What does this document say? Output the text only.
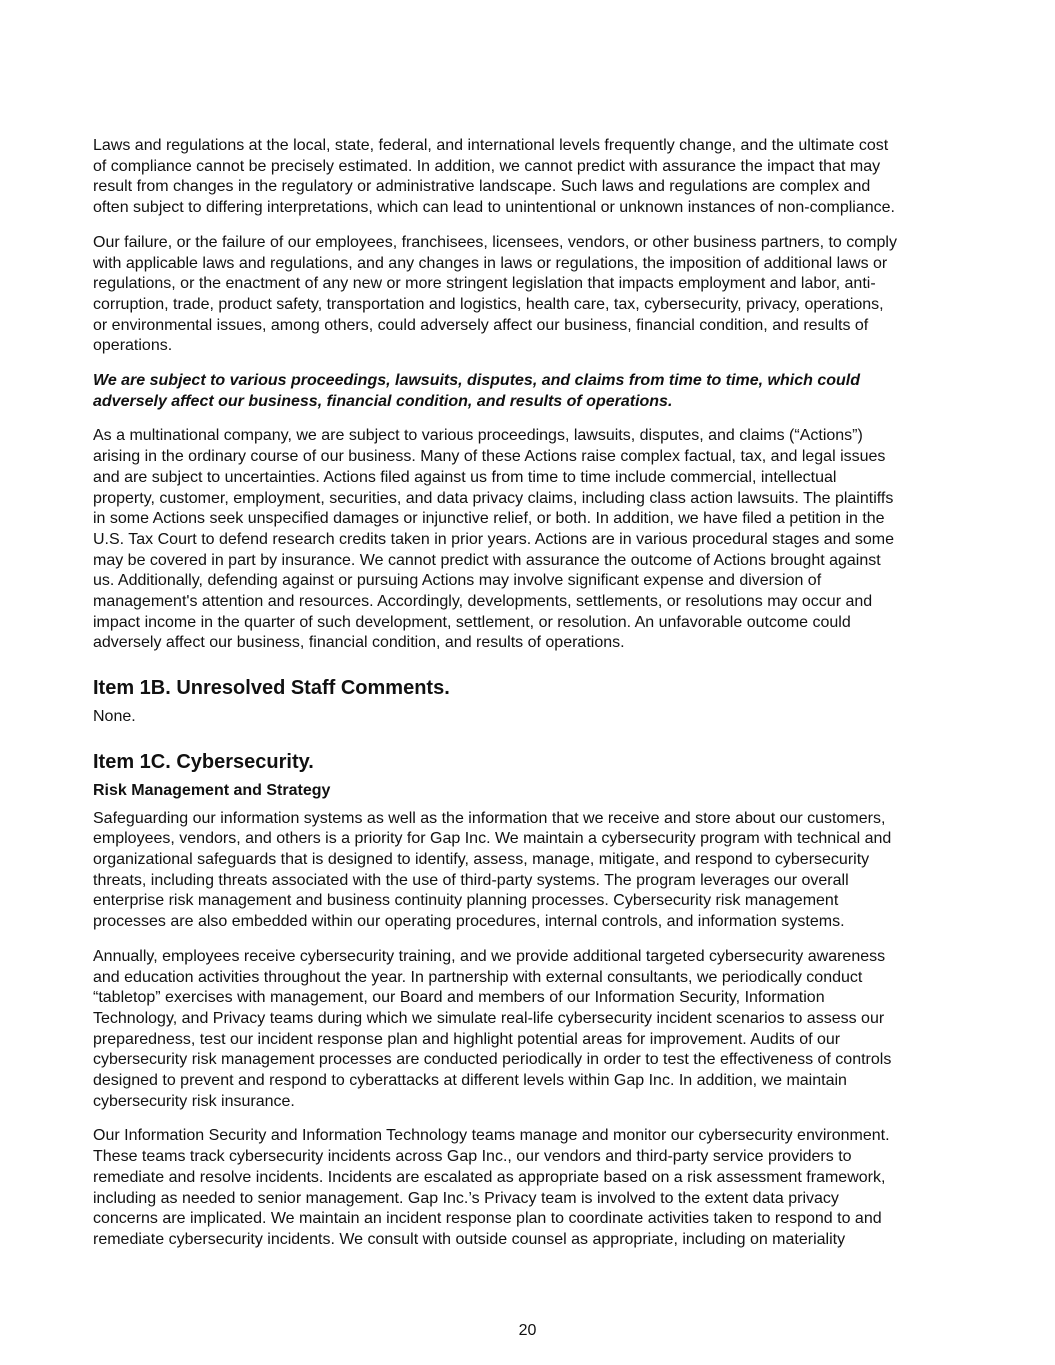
Laws and regulations at the local, state, federal, and international levels frequently change, and the ultimate cost
of compliance cannot be precisely estimated. In addition, we cannot predict with assurance the impact that may
result from changes in the regulatory or administrative landscape. Such laws and regulations are complex and
often subject to differing interpretations, which can lead to unintentional or unknown instances of non-compliance.
Our failure, or the failure of our employees, franchisees, licensees, vendors, or other business partners, to comply
with applicable laws and regulations, and any changes in laws or regulations, the imposition of additional laws or
regulations, or the enactment of any new or more stringent legislation that impacts employment and labor, anti-
corruption, trade, product safety, transportation and logistics, health care, tax, cybersecurity, privacy, operations,
or environmental issues, among others, could adversely affect our business, financial condition, and results of
operations.
We are subject to various proceedings, lawsuits, disputes, and claims from time to time, which could
adversely affect our business, financial condition, and results of operations.
As a multinational company, we are subject to various proceedings, lawsuits, disputes, and claims (“Actions”)
arising in the ordinary course of our business. Many of these Actions raise complex factual, tax, and legal issues
and are subject to uncertainties. Actions filed against us from time to time include commercial, intellectual
property, customer, employment, securities, and data privacy claims, including class action lawsuits. The plaintiffs
in some Actions seek unspecified damages or injunctive relief, or both. In addition, we have filed a petition in the
U.S. Tax Court to defend research credits taken in prior years. Actions are in various procedural stages and some
may be covered in part by insurance. We cannot predict with assurance the outcome of Actions brought against
us. Additionally, defending against or pursuing Actions may involve significant expense and diversion of
management's attention and resources. Accordingly, developments, settlements, or resolutions may occur and
impact income in the quarter of such development, settlement, or resolution. An unfavorable outcome could
adversely affect our business, financial condition, and results of operations.
Item 1B. Unresolved Staff Comments.
None.
Item 1C. Cybersecurity.
Risk Management and Strategy
Safeguarding our information systems as well as the information that we receive and store about our customers,
employees, vendors, and others is a priority for Gap Inc. We maintain a cybersecurity program with technical and
organizational safeguards that is designed to identify, assess, manage, mitigate, and respond to cybersecurity
threats, including threats associated with the use of third-party systems. The program leverages our overall
enterprise risk management and business continuity planning processes. Cybersecurity risk management
processes are also embedded within our operating procedures, internal controls, and information systems.
Annually, employees receive cybersecurity training, and we provide additional targeted cybersecurity awareness
and education activities throughout the year. In partnership with external consultants, we periodically conduct
“tabletop” exercises with management, our Board and members of our Information Security, Information
Technology, and Privacy teams during which we simulate real-life cybersecurity incident scenarios to assess our
preparedness, test our incident response plan and highlight potential areas for improvement. Audits of our
cybersecurity risk management processes are conducted periodically in order to test the effectiveness of controls
designed to prevent and respond to cyberattacks at different levels within Gap Inc. In addition, we maintain
cybersecurity risk insurance.
Our Information Security and Information Technology teams manage and monitor our cybersecurity environment.
These teams track cybersecurity incidents across Gap Inc., our vendors and third-party service providers to
remediate and resolve incidents. Incidents are escalated as appropriate based on a risk assessment framework,
including as needed to senior management. Gap Inc.’s Privacy team is involved to the extent data privacy
concerns are implicated. We maintain an incident response plan to coordinate activities taken to respond to and
remediate cybersecurity incidents. We consult with outside counsel as appropriate, including on materiality
20
